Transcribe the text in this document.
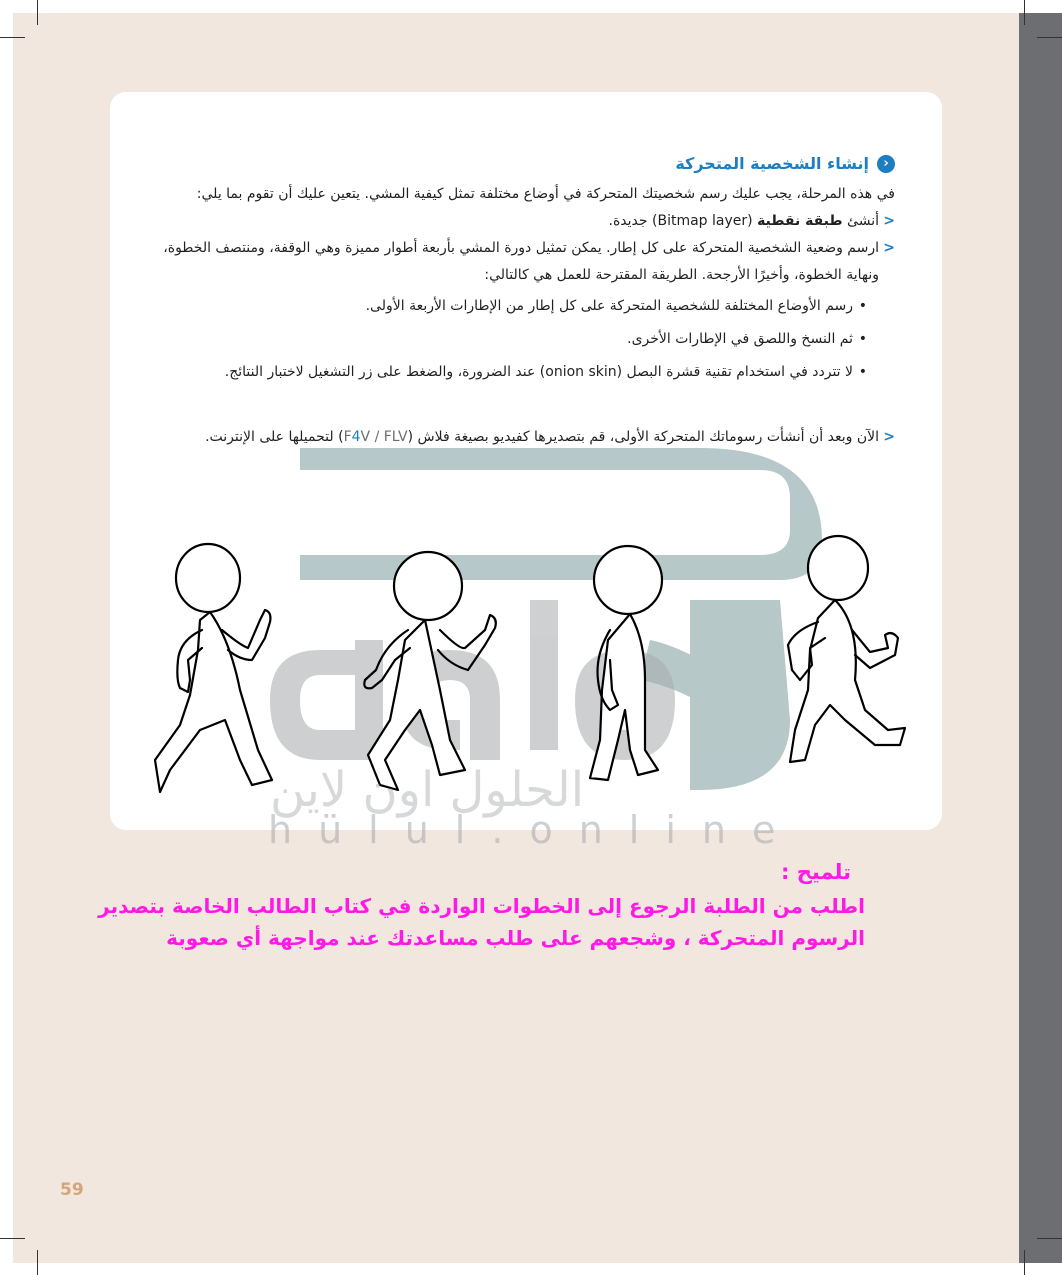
‹
إنشاء الشخصية المتحركة

في هذه المرحلة، يجب عليك رسم شخصيتك المتحركة في أوضاع مختلفة تمثل كيفية المشي. يتعين عليك أن تقوم بما يلي:

<
أنشئ طبقة نقطية (Bitmap layer) جديدة.

<
ارسم وضعية الشخصية المتحركة على كل إطار. يمكن تمثيل دورة المشي بأربعة أطوار مميزة وهي الوقفة، ومنتصف الخطوة، ونهاية الخطوة، وأخيرًا الأرجحة. الطريقة المقترحة للعمل هي كالتالي:

• رسم الأوضاع المختلفة للشخصية المتحركة على كل إطار من الإطارات الأربعة الأولى.
• ثم النسخ واللصق في الإطارات الأخرى.
• لا تتردد في استخدام تقنية قشرة البصل (onion skin) عند الضرورة، والضغط على زر التشغيل لاختبار النتائج.

<
الآن وبعد أن أنشأت رسوماتك المتحركة الأولى، قم بتصديرها كفيديو بصيغة فلاش (F4V / FLV) لتحميلها على الإنترنت.

الحلول اون لاين
hülul.online

تلميح :

اطلب من الطلبة الرجوع إلى الخطوات الواردة في كتاب الطالب الخاصة بتصدير الرسوم المتحركة ، وشجعهم على طلب مساعدتك عند مواجهة أي صعوبة

59
